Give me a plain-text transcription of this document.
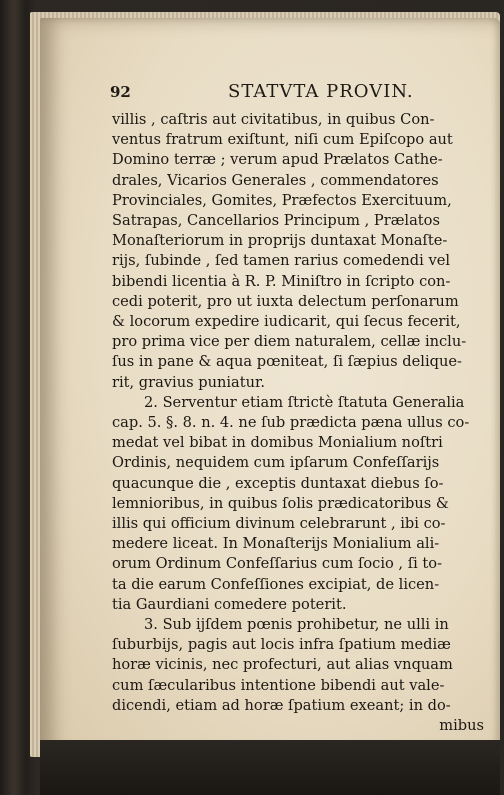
92	STATVTA PROVIN.
villis , caſtris aut civitatibus, in quibus Con-
ventus fratrum exiſtunt, niſi cum Epiſcopo aut
Domino terræ ; verum apud Prælatos Cathe-
drales, Vicarios Generales , commendatores
Provinciales, Gomites, Præfectos Exercituum,
Satrapas, Cancellarios Principum , Prælatos
Monaſteriorum in proprijs duntaxat Monaſte-
rijs, ſubinde , ſed tamen rarius comedendi vel
bibendi licentia à R. P. Miniſtro in ſcripto con-
cedi poterit, pro ut iuxta delectum perſonarum
& locorum expedire iudicarit, qui ſecus fecerit,
pro prima vice per diem naturalem, cellæ inclu-
ſus in pane & aqua pœniteat, ſi ſæpius delique-
rit, gravius puniatur.
2. Serventur etiam ſtrictè ſtatuta Generalia
cap. 5. §. 8. n. 4. ne ſub prædicta pæna ullus co-
medat vel bibat in domibus Monialium noſtri
Ordinis, nequidem cum ipſarum Confeſſarijs
quacunque die , exceptis duntaxat diebus ſo-
lemnioribus, in quibus ſolis prædicatoribus &
illis qui officium divinum celebrarunt , ibi co-
medere liceat. In Monaſterijs Monialium ali-
orum Ordinum Confeſſarius cum ſocio , ſi to-
ta die earum Confeſſiones excipiat, de licen-
tia Gaurdiani comedere poterit.
3. Sub ijſdem pœnis prohibetur, ne ulli in
ſuburbijs, pagis aut locis infra ſpatium mediæ
horæ vicinis, nec profecturi, aut alias vnquam
cum ſæcularibus intentione bibendi aut vale-
dicendi, etiam ad horæ ſpatium exeant; in do-
mibus
